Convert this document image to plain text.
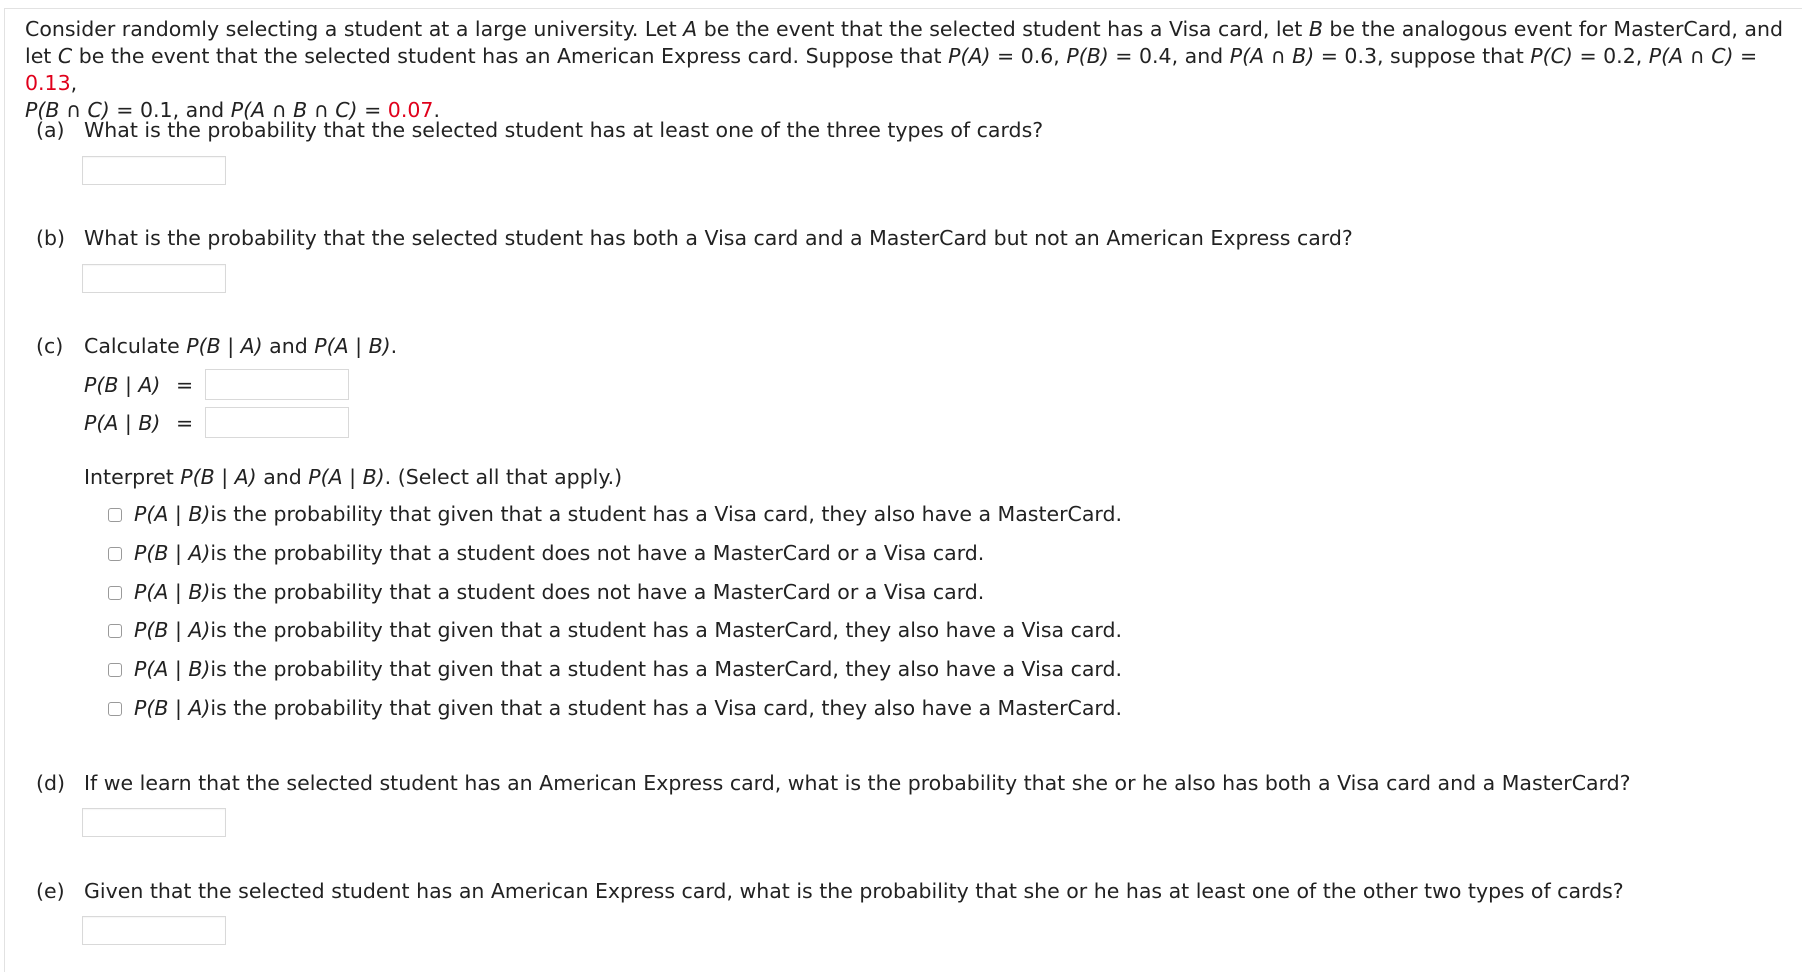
Consider randomly selecting a student at a large university. Let A be the event that the selected student has a Visa card, let B be the analogous event for MasterCard, and let C be the event that the selected student has an American Express card. Suppose that P(A) = 0.6, P(B) = 0.4, and P(A ∩ B) = 0.3, suppose that P(C) = 0.2, P(A ∩ C) = 0.13,
P(B ∩ C) = 0.1, and P(A ∩ B ∩ C) = 0.07.

(a) What is the probability that the selected student has at least one of the three types of cards?
(b) What is the probability that the selected student has both a Visa card and a MasterCard but not an American Express card?
(c) Calculate P(B | A) and P(A | B).
P(B | A) =
P(A | B) =
Interpret P(B | A) and P(A | B). (Select all that apply.)
P(A | B) is the probability that given that a student has a Visa card, they also have a MasterCard.
P(B | A) is the probability that a student does not have a MasterCard or a Visa card.
P(A | B) is the probability that a student does not have a MasterCard or a Visa card.
P(B | A) is the probability that given that a student has a MasterCard, they also have a Visa card.
P(A | B) is the probability that given that a student has a MasterCard, they also have a Visa card.
P(B | A) is the probability that given that a student has a Visa card, they also have a MasterCard.
(d) If we learn that the selected student has an American Express card, what is the probability that she or he also has both a Visa card and a MasterCard?
(e) Given that the selected student has an American Express card, what is the probability that she or he has at least one of the other two types of cards?
